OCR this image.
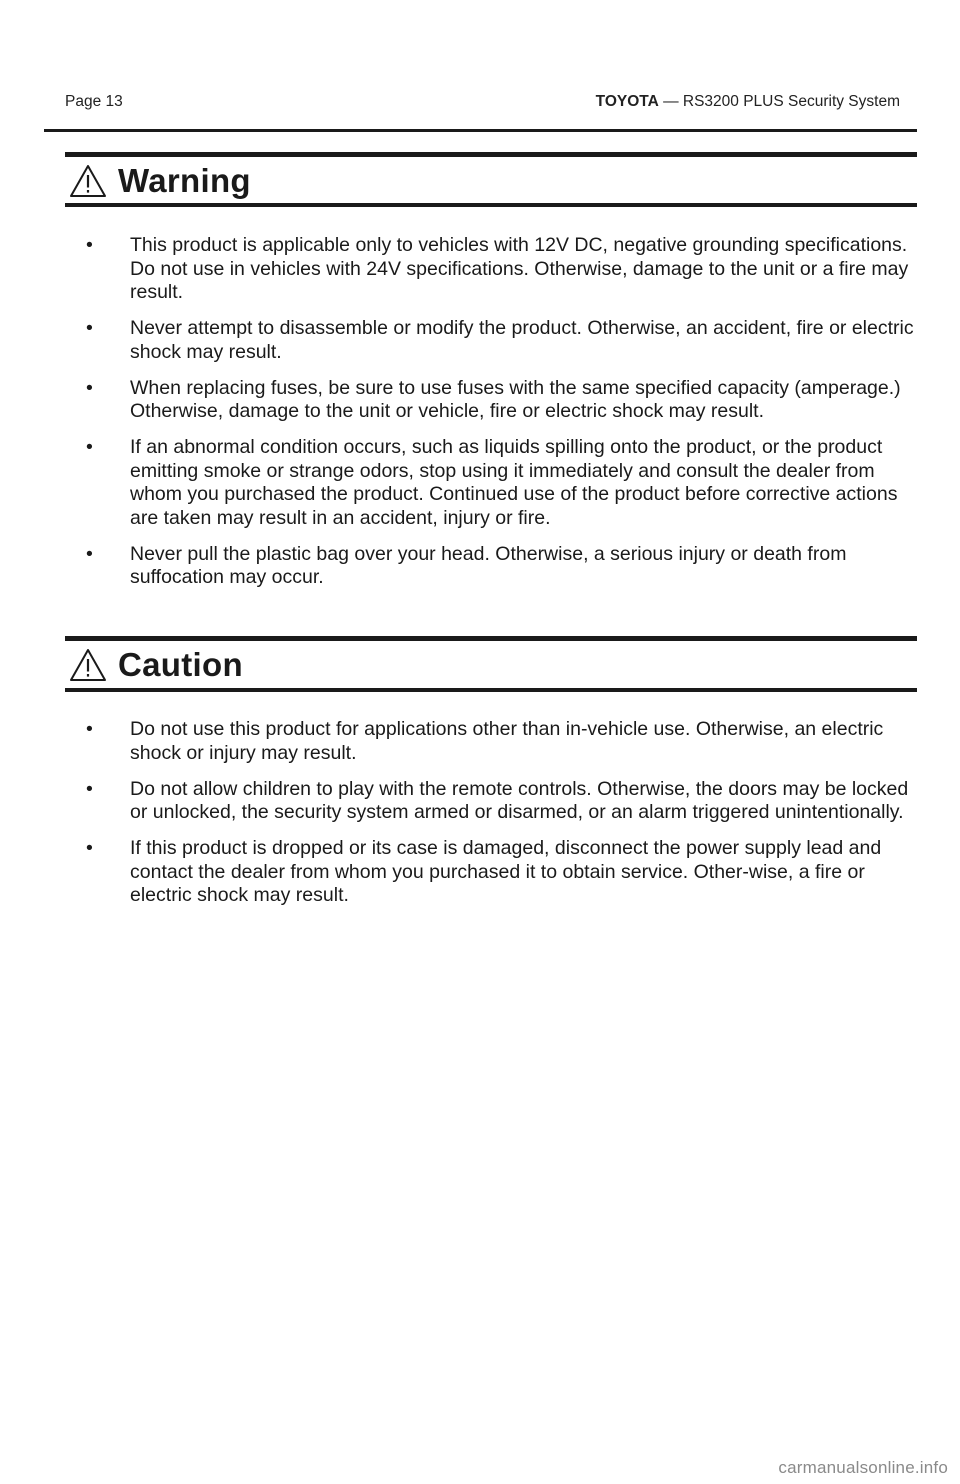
Page 13	TOYOTA — RS3200 PLUS Security System
Warning
•	This product is applicable only to vehicles with 12V DC, negative grounding specifications. Do not use in vehicles with 24V specifications. Otherwise, damage to the unit or a fire may result.
•	Never attempt to disassemble or modify the product. Otherwise, an accident, fire or electric shock may result.
•	When replacing fuses, be sure to use fuses with the same specified capacity (amperage.) Otherwise, damage to the unit or vehicle, fire or electric shock may result.
•	If an abnormal condition occurs, such as liquids spilling onto the product, or the product emitting smoke or strange odors, stop using it immediately and consult the dealer from whom you purchased the product. Continued use of the product before corrective actions are taken may result in an accident, injury or fire.
•	Never pull the plastic bag over your head. Otherwise, a serious injury or death from suffocation may occur.
Caution
•	Do not use this product for applications other than in-vehicle use. Otherwise, an electric shock or injury may result.
•	Do not allow children to play with the remote controls. Otherwise, the doors may be locked or unlocked, the security system armed or disarmed, or an alarm triggered unintentionally.
•	If this product is dropped or its case is damaged, disconnect the power supply lead and contact the dealer from whom you purchased it to obtain service. Other-wise, a fire or electric shock may result.
carmanualsonline.info
